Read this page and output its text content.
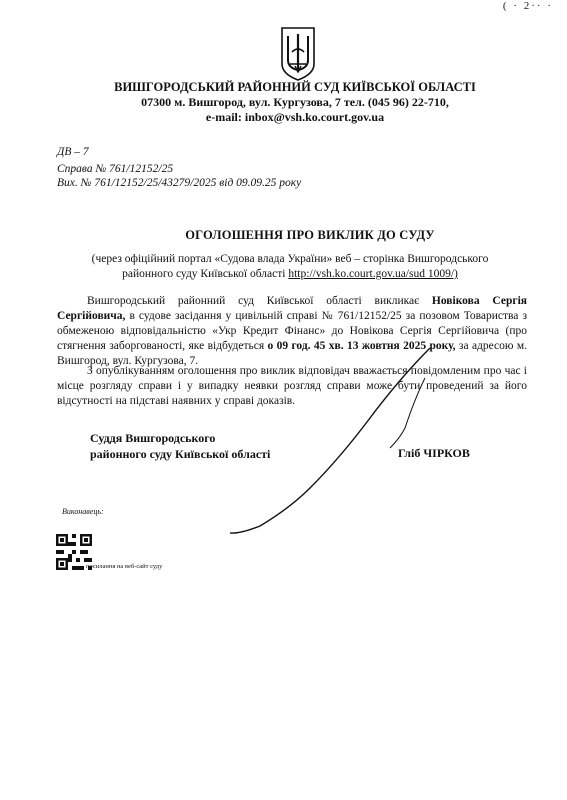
( · 2·· ·
ВИШГОРОДСЬКИЙ РАЙОННИЙ СУД КИЇВСЬКОЇ ОБЛАСТІ
07300 м. Вишгород, вул. Кургузова, 7 тел. (045 96) 22-710,
e-mail: inbox@vsh.ko.court.gov.ua
ДВ – 7
Справа № 761/12152/25
Вих. № 761/12152/25/43279/2025 від 09.09.25 року
ОГОЛОШЕННЯ ПРО ВИКЛИК ДО СУДУ
(через офіційний портал «Судова влада України» веб – сторінка Вишгородського районного суду Київської області http://vsh.ko.court.gov.ua/sud 1009/)

Вишгородський районний суд Київської області викликає Новікова Сергія Сергійовича, в судове засідання у цивільній справі № 761/12152/25 за позовом Товариства з обмеженою відповідальністю «Укр Кредит Фінанс» до Новікова Сергія Сергійовича (про стягнення заборгованості, яке відбудеться о 09 год. 45 хв. 13 жовтня 2025 року, за адресою м. Вишгород, вул. Кургузова, 7.

З опублікуванням оголошення про виклик відповідач вважається повідомленим про час і місце розгляду справи і у випадку неявки розгляд справи може бути проведений за його відсутності на підставі наявних у справі доказів.

Суддя Вишгородського
районного суду Київської області	Гліб ЧІРКОВ
Виконавець:
посилання на веб-сайт суду
